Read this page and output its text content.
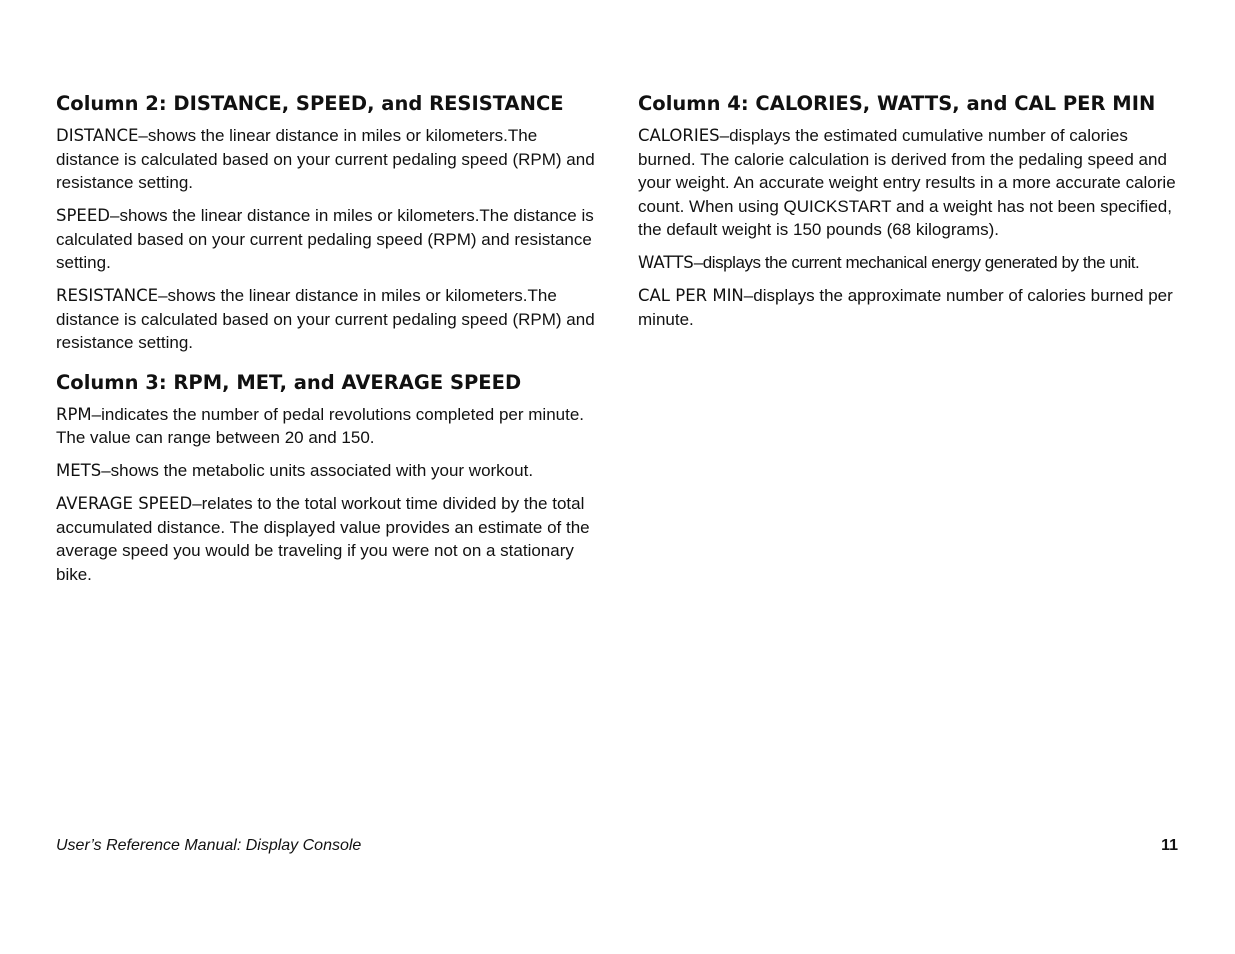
Column 2: DISTANCE, SPEED, and RESISTANCE

DISTANCE–shows the linear distance in miles or kilometers.The distance is calculated based on your current pedaling speed (RPM) and resistance setting.

SPEED–shows the linear distance in miles or kilometers.The distance is calculated based on your current pedaling speed (RPM) and resistance setting.

RESISTANCE–shows the linear distance in miles or kilometers.The distance is calculated based on your current pedaling speed (RPM) and resistance setting.

Column 3: RPM, MET, and AVERAGE SPEED

RPM–indicates the number of pedal revolutions completed per minute. The value can range between 20 and 150.

METS–shows the metabolic units associated with your workout.

AVERAGE SPEED–relates to the total workout time divided by the total accumulated distance. The displayed value provides an estimate of the average speed you would be traveling if you were not on a stationary bike.

Column 4: CALORIES, WATTS, and CAL PER MIN

CALORIES–displays the estimated cumulative number of calories burned. The calorie calculation is derived from the pedaling speed and your weight. An accurate weight entry results in a more accurate calorie count. When using QUICKSTART and a weight has not been specified, the default weight is 150 pounds (68 kilograms).

WATTS–displays the current mechanical energy generated by the unit.

CAL PER MIN–displays the approximate number of calories burned per minute.

User’s Reference Manual: Display Console	11
